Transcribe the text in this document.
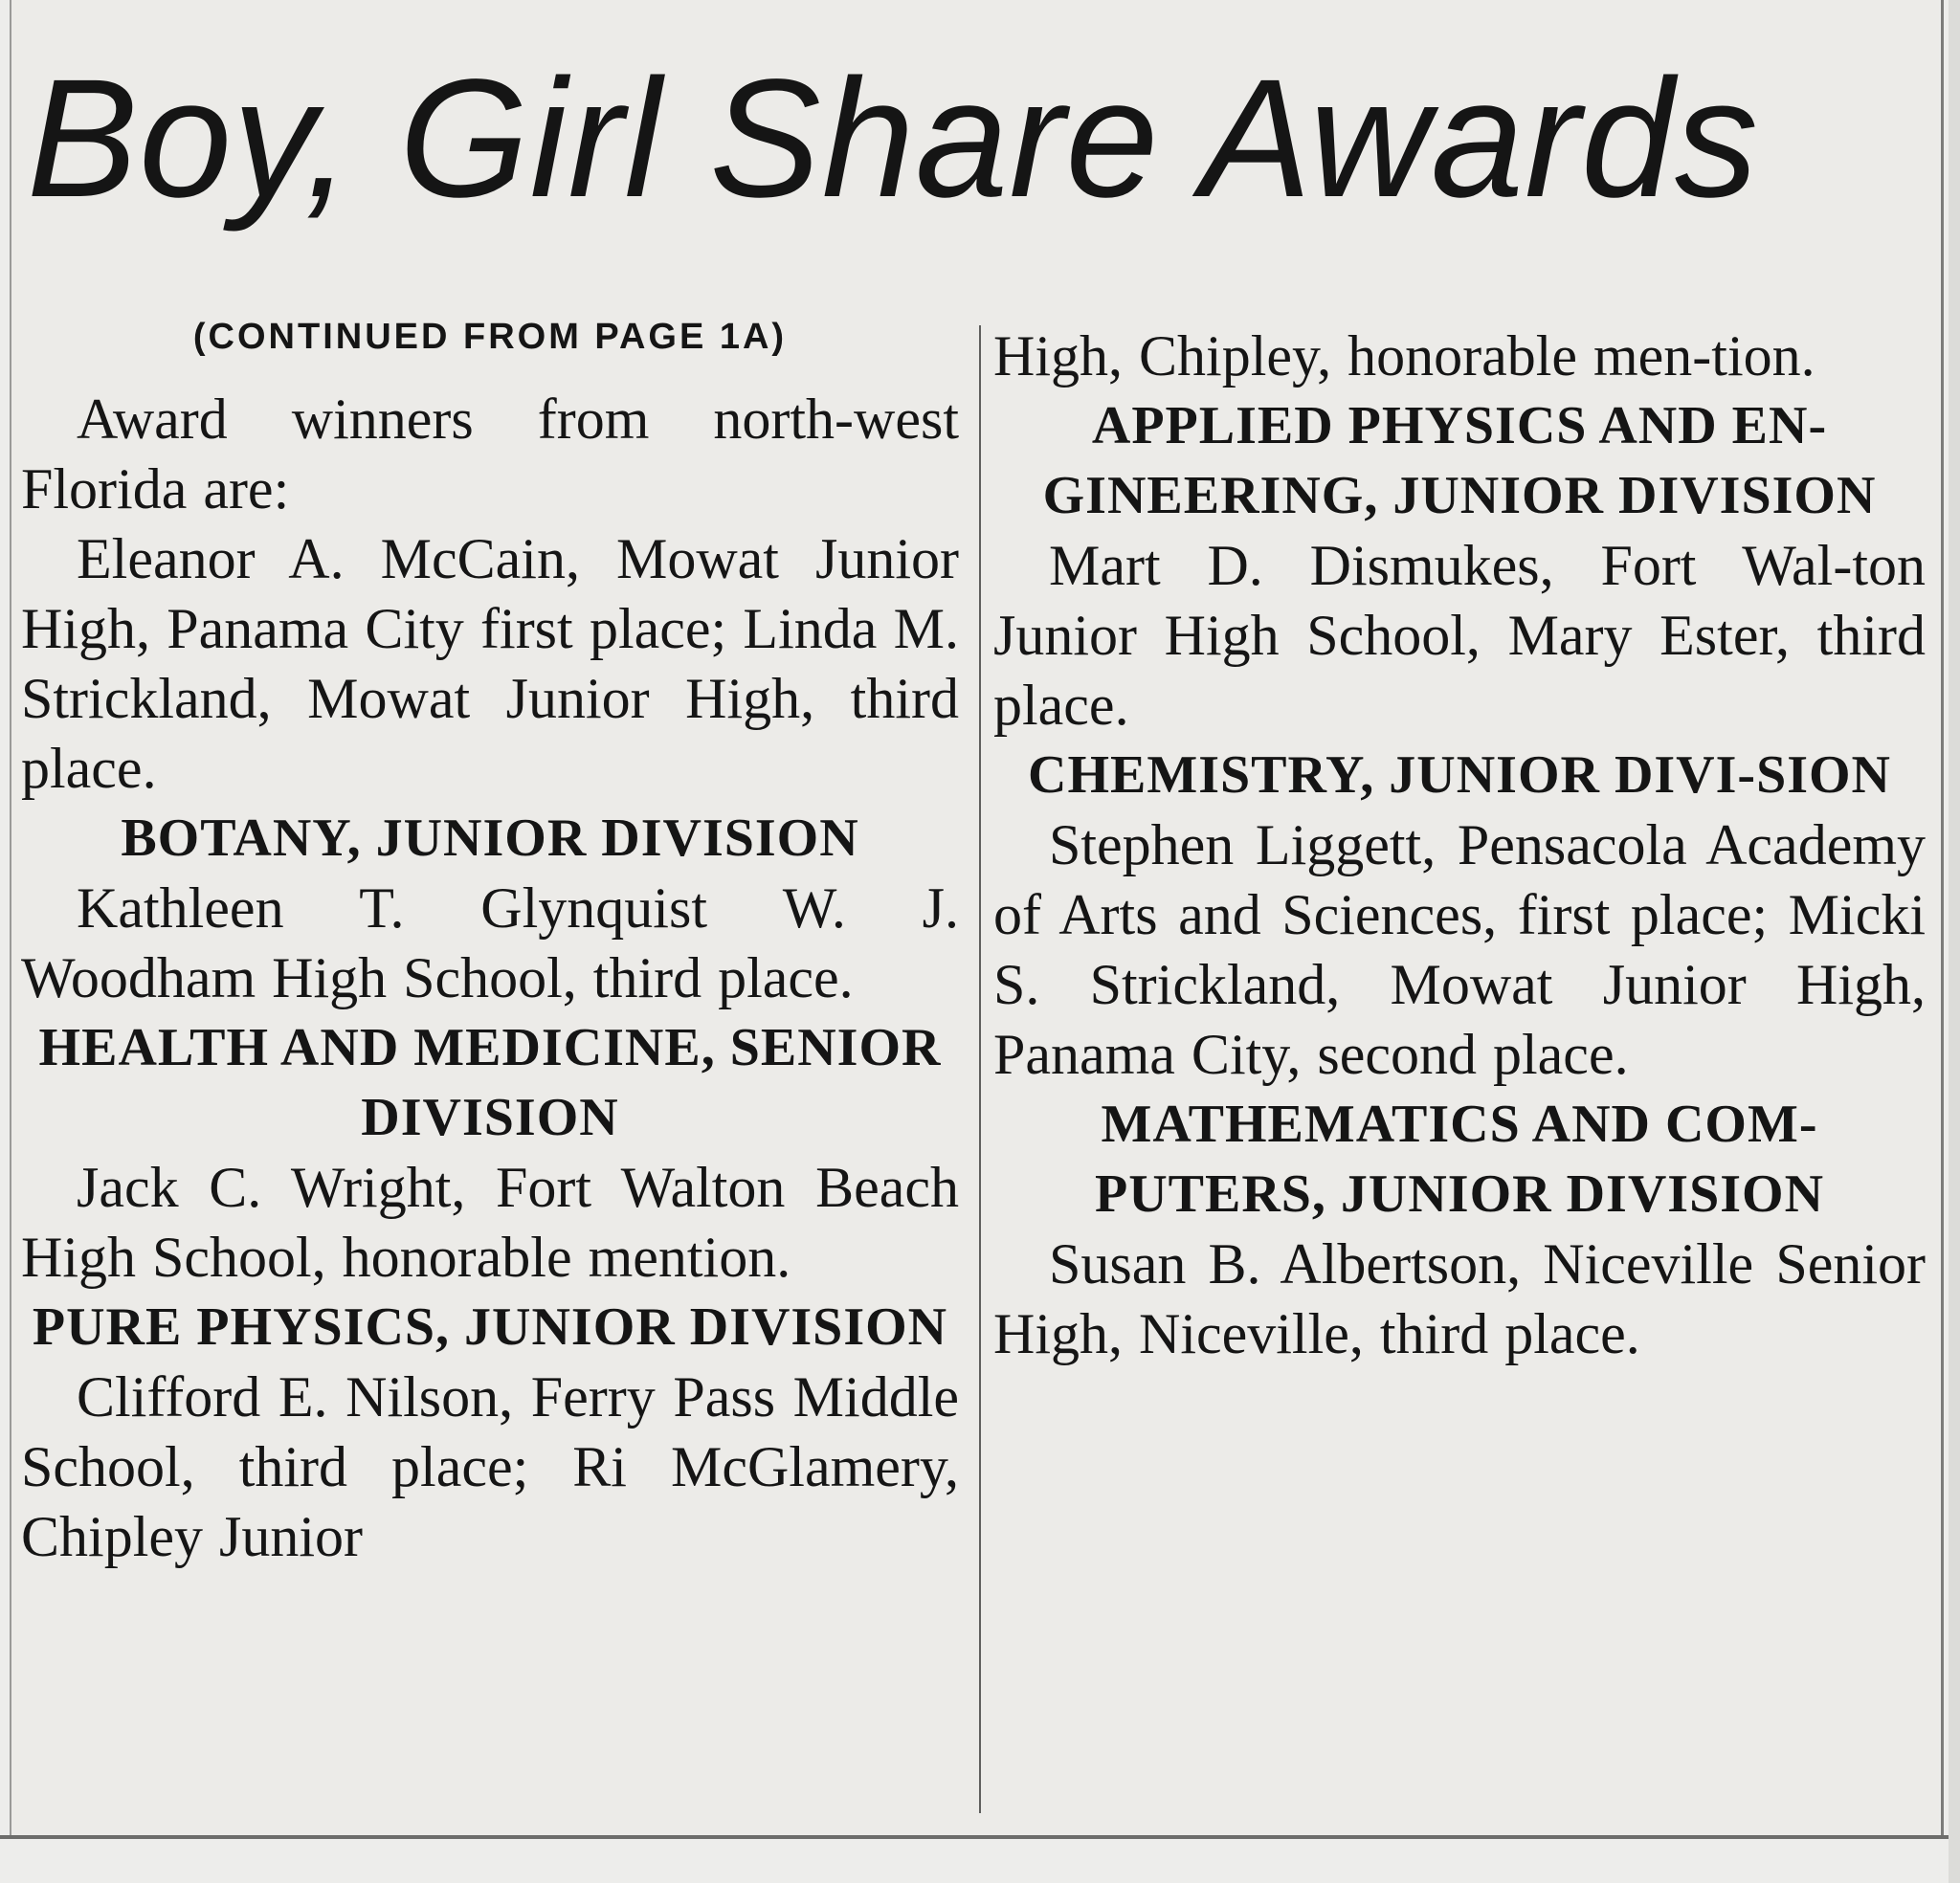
Boy, Girl Share Awards
(CONTINUED FROM PAGE 1A)

Award winners from north-west Florida are:

Eleanor A. McCain, Mowat Junior High, Panama City first place; Linda M. Strickland, Mowat Junior High, third place.

BOTANY, JUNIOR DIVISION

Kathleen T. Glynquist W. J. Woodham High School, third place.

HEALTH AND MEDICINE, SENIOR DIVISION

Jack C. Wright, Fort Walton Beach High School, honorable mention.

PURE PHYSICS, JUNIOR DIVISION

Clifford E. Nilson, Ferry Pass Middle School, third place; Ri McGlamery, Chipley Junior

High, Chipley, honorable men-tion.

APPLIED PHYSICS AND EN-GINEERING, JUNIOR DIVISION

Mart D. Dismukes, Fort Wal-ton Junior High School, Mary Ester, third place.

CHEMISTRY, JUNIOR DIVI-SION

Stephen Liggett, Pensacola Academy of Arts and Sciences, first place; Micki S. Strickland, Mowat Junior High, Panama City, second place.

MATHEMATICS AND COM-PUTERS, JUNIOR DIVISION

Susan B. Albertson, Niceville Senior High, Niceville, third place.
